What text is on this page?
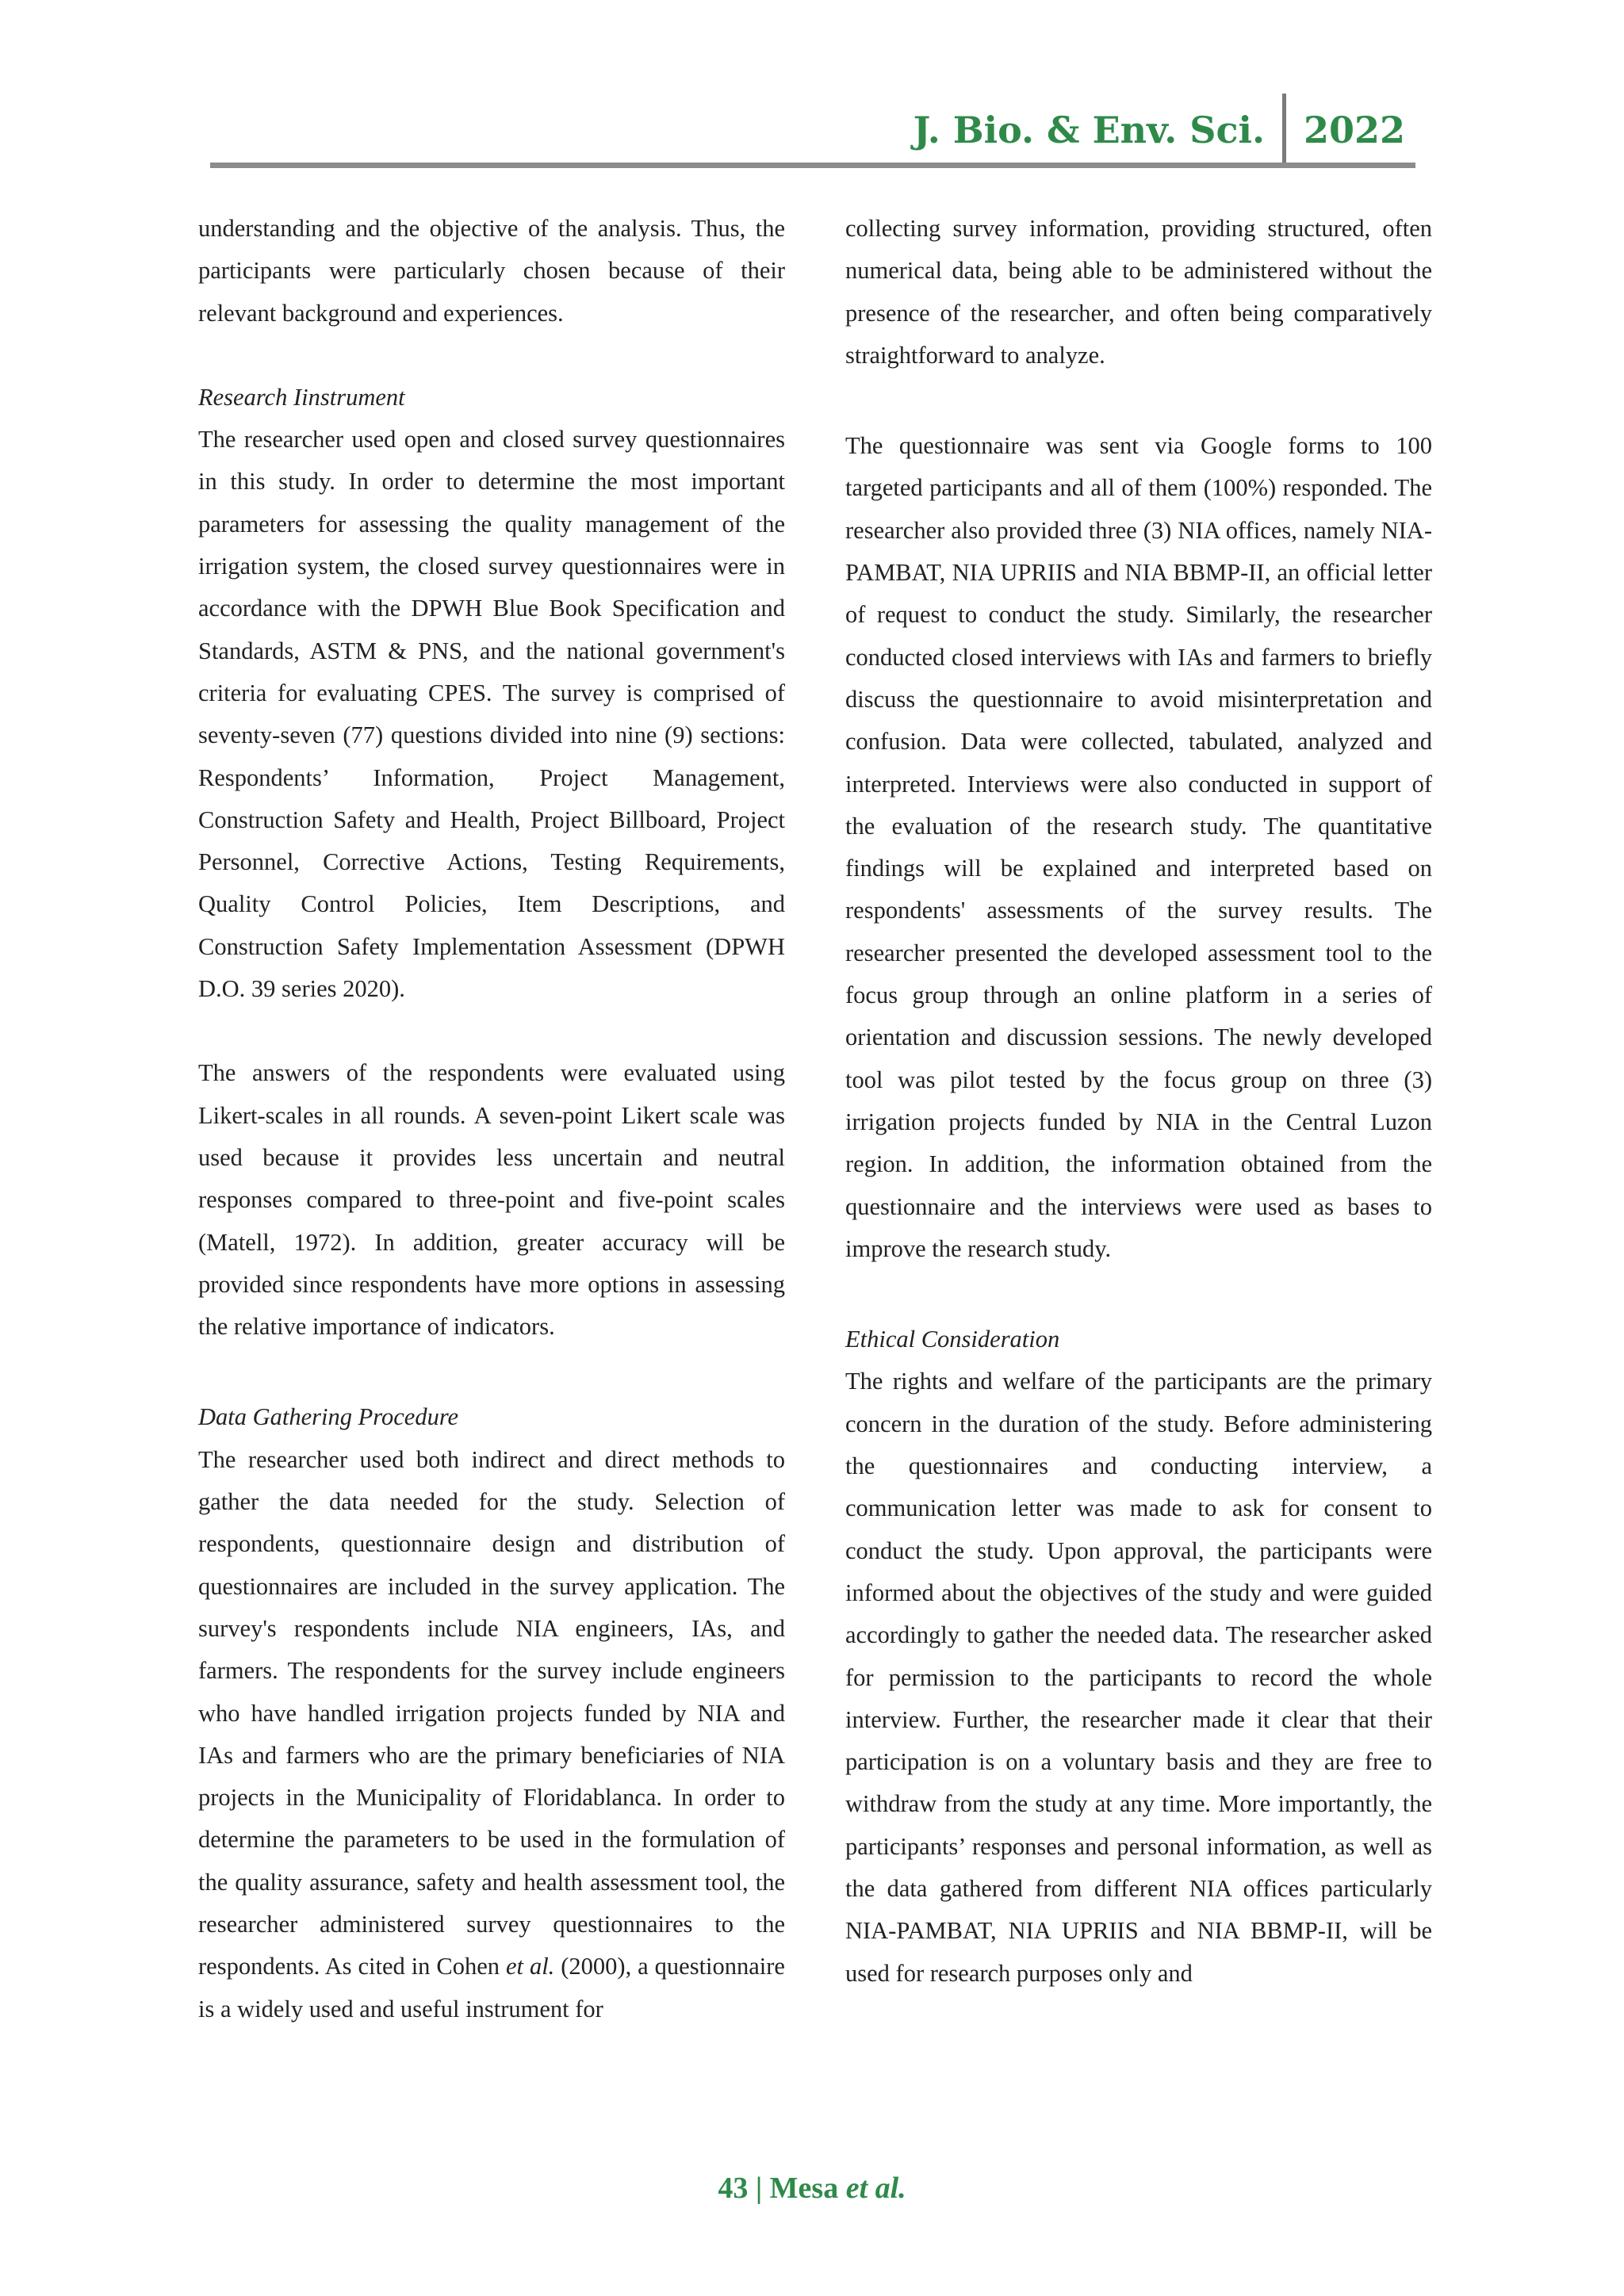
J. Bio. & Env. Sci.	2022

understanding and the objective of the analysis. Thus, the participants were particularly chosen because of their relevant background and experiences.

Research Iinstrument

The researcher used open and closed survey questionnaires in this study. In order to determine the most important parameters for assessing the quality management of the irrigation system, the closed survey questionnaires were in accordance with the DPWH Blue Book Specification and Standards, ASTM & PNS, and the national government's criteria for evaluating CPES. The survey is comprised of seventy-seven (77) questions divided into nine (9) sections: Respondents’ Information, Project Management, Construction Safety and Health, Project Billboard, Project Personnel, Corrective Actions, Testing Requirements, Quality Control Policies, Item Descriptions, and Construction Safety Implementation Assessment (DPWH D.O. 39 series 2020).

The answers of the respondents were evaluated using Likert-scales in all rounds. A seven-point Likert scale was used because it provides less uncertain and neutral responses compared to three-point and five-point scales (Matell, 1972). In addition, greater accuracy will be provided since respondents have more options in assessing the relative importance of indicators.

Data Gathering Procedure

The researcher used both indirect and direct methods to gather the data needed for the study. Selection of respondents, questionnaire design and distribution of questionnaires are included in the survey application. The survey's respondents include NIA engineers, IAs, and farmers. The respondents for the survey include engineers who have handled irrigation projects funded by NIA and IAs and farmers who are the primary beneficiaries of NIA projects in the Municipality of Floridablanca. In order to determine the parameters to be used in the formulation of the quality assurance, safety and health assessment tool, the researcher administered survey questionnaires to the respondents. As cited in Cohen et al. (2000), a questionnaire is a widely used and useful instrument for

collecting survey information, providing structured, often numerical data, being able to be administered without the presence of the researcher, and often being comparatively straightforward to analyze.

The questionnaire was sent via Google forms to 100 targeted participants and all of them (100%) responded. The researcher also provided three (3) NIA offices, namely NIA-PAMBAT, NIA UPRIIS and NIA BBMP-II, an official letter of request to conduct the study. Similarly, the researcher conducted closed interviews with IAs and farmers to briefly discuss the questionnaire to avoid misinterpretation and confusion. Data were collected, tabulated, analyzed and interpreted. Interviews were also conducted in support of the evaluation of the research study. The quantitative findings will be explained and interpreted based on respondents' assessments of the survey results. The researcher presented the developed assessment tool to the focus group through an online platform in a series of orientation and discussion sessions. The newly developed tool was pilot tested by the focus group on three (3) irrigation projects funded by NIA in the Central Luzon region. In addition, the information obtained from the questionnaire and the interviews were used as bases to improve the research study.

Ethical Consideration

The rights and welfare of the participants are the primary concern in the duration of the study. Before administering the questionnaires and conducting interview, a communication letter was made to ask for consent to conduct the study. Upon approval, the participants were informed about the objectives of the study and were guided accordingly to gather the needed data. The researcher asked for permission to the participants to record the whole interview. Further, the researcher made it clear that their participation is on a voluntary basis and they are free to withdraw from the study at any time. More importantly, the participants’ responses and personal information, as well as the data gathered from different NIA offices particularly NIA-PAMBAT, NIA UPRIIS and NIA BBMP-II, will be used for research purposes only and

43 | Mesa et al.
